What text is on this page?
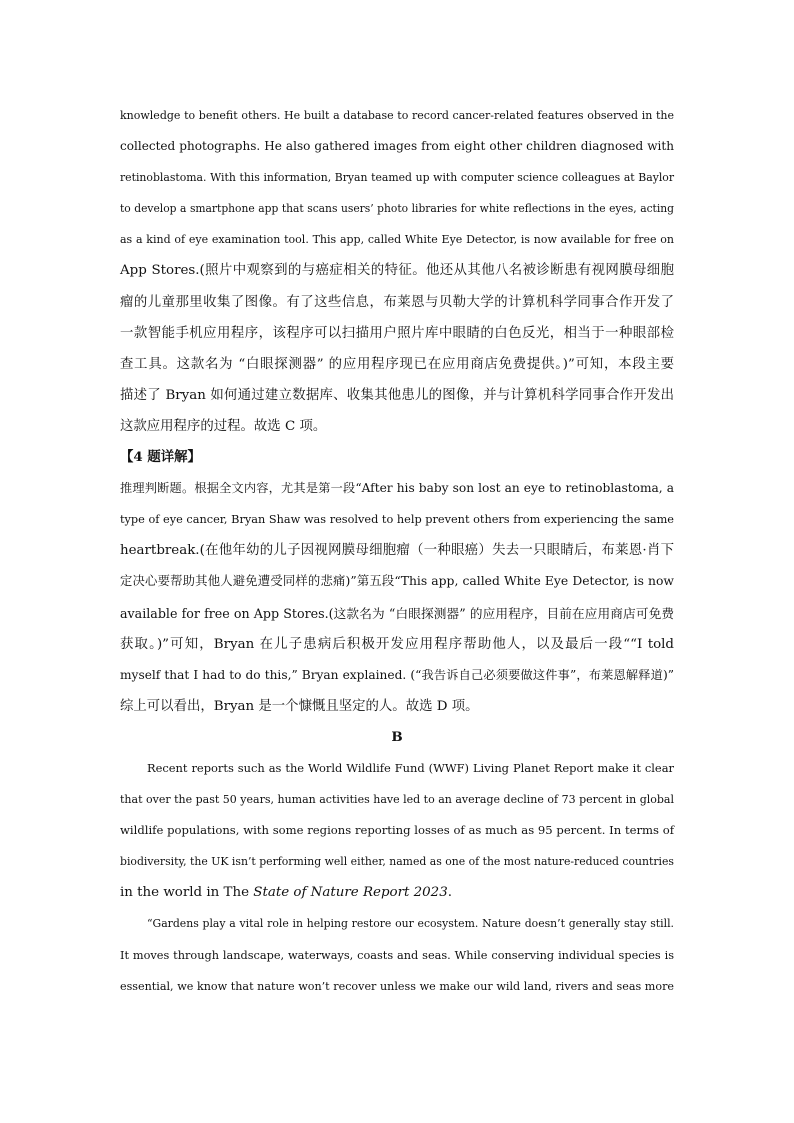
knowledge to benefit others. He built a database to record cancer-related features observed in the
collected photographs. He also gathered images from eight other children diagnosed with
retinoblastoma. With this information, Bryan teamed up with computer science colleagues at Baylor
to develop a smartphone app that scans users’ photo libraries for white reflections in the eyes, acting
as a kind of eye examination tool. This app, called White Eye Detector, is now available for free on
App Stores.(照片中观察到的与癌症相关的特征。他还从其他八名被诊断患有视网膜母细胞
瘤的儿童那里收集了图像。有了这些信息，布莱恩与贝勒大学的计算机科学同事合作开发了
一款智能手机应用程序，该程序可以扫描用户照片库中眼睛的白色反光，相当于一种眼部检
查工具。这款名为 “白眼探测器” 的应用程序现已在应用商店免费提供。)”可知，本段主要
描述了 Bryan 如何通过建立数据库、收集其他患儿的图像，并与计算机科学同事合作开发出
这款应用程序的过程。故选 C 项。
【4 题详解】
推理判断题。根据全文内容，尤其是第一段“After his baby son lost an eye to retinoblastoma, a
type of eye cancer, Bryan Shaw was resolved to help prevent others from experiencing the same
heartbreak.(在他年幼的儿子因视网膜母细胞瘤（一种眼癌）失去一只眼睛后，布莱恩·肖下
定决心要帮助其他人避免遭受同样的悲痛)”第五段“This app, called White Eye Detector, is now
available for free on App Stores.(这款名为 “白眼探测器” 的应用程序，目前在应用商店可免费
获取。)”可知，Bryan 在儿子患病后积极开发应用程序帮助他人，以及最后一段““I told
myself that I had to do this,” Bryan explained. (“我告诉自己必须要做这件事”，布莱恩解释道)”
综上可以看出，Bryan 是一个慷慨且坚定的人。故选 D 项。
B
Recent reports such as the World Wildlife Fund (WWF) Living Planet Report make it clear
that over the past 50 years, human activities have led to an average decline of 73 percent in global
wildlife populations, with some regions reporting losses of as much as 95 percent. In terms of
biodiversity, the UK isn’t performing well either, named as one of the most nature-reduced countries
in the world in The State of Nature Report 2023.
“Gardens play a vital role in helping restore our ecosystem. Nature doesn’t generally stay still.
It moves through landscape, waterways, coasts and seas. While conserving individual species is
essential, we know that nature won’t recover unless we make our wild land, rivers and seas more
